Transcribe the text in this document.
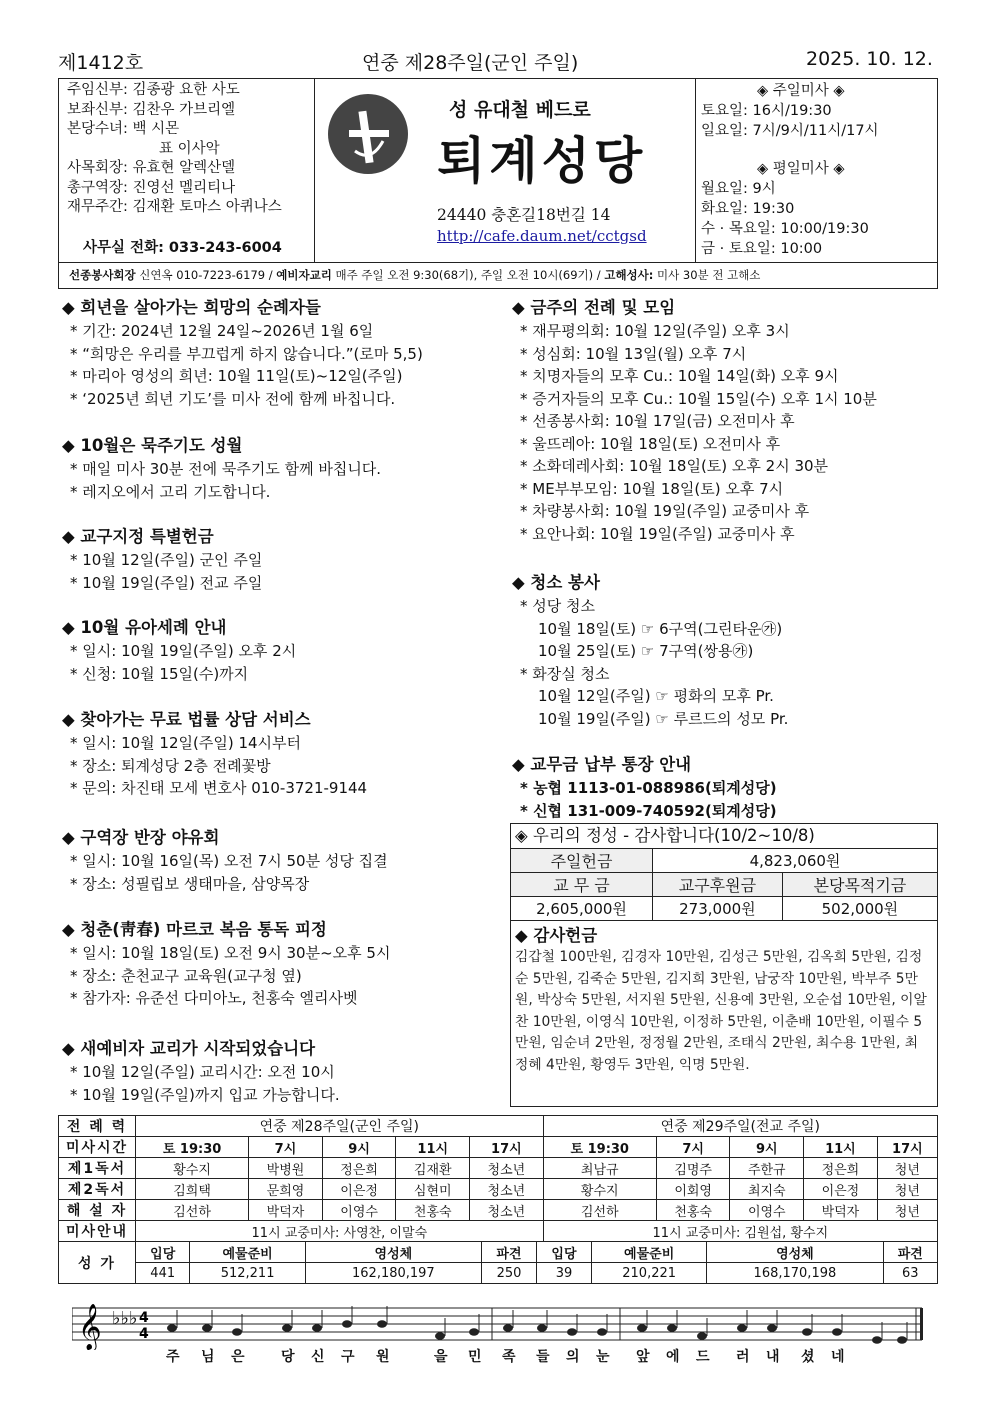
제1412호	연중 제28주일(군인 주일)	2025. 10. 12.
주임신부: 김종광 요한 사도
보좌신부: 김찬우 가브리엘
본당수녀: 백 시몬
표 이사악
사목회장: 유효현 알렉산델
총구역장: 진영선 멜리티나
재무주간: 김재환 토마스 아퀴나스
사무실 전화: 033-243-6004
성 유대철 베드로
퇴계성당
24440 충혼길18번길 14
http://cafe.daum.net/cctgsd
◈ 주일미사 ◈
토요일: 16시/19:30
일요일: 7시/9시/11시/17시
◈ 평일미사 ◈
월요일: 9시
화요일: 19:30
수 · 목요일: 10:00/19:30
금 · 토요일: 10:00
선종봉사회장 신연옥 010-7223-6179 / 예비자교리 매주 주일 오전 9:30(68기), 주일 오전 10시(69기) / 고해성사: 미사 30분 전 고해소
◆ 희년을 살아가는 희망의 순례자들
* 기간: 2024년 12월 24일~2026년 1월 6일
* “희망은 우리를 부끄럽게 하지 않습니다.”(로마 5,5)
* 마리아 영성의 희년: 10월 11일(토)~12일(주일)
* ‘2025년 희년 기도’를 미사 전에 함께 바칩니다.
◆ 10월은 묵주기도 성월
* 매일 미사 30분 전에 묵주기도 함께 바칩니다.
* 레지오에서 고리 기도합니다.
◆ 교구지정 특별헌금
* 10월 12일(주일) 군인 주일
* 10월 19일(주일) 전교 주일
◆ 10월 유아세례 안내
* 일시: 10월 19일(주일) 오후 2시
* 신청: 10월 15일(수)까지
◆ 찾아가는 무료 법률 상담 서비스
* 일시: 10월 12일(주일) 14시부터
* 장소: 퇴계성당 2층 전례꽃방
* 문의: 차진태 모세 변호사 010-3721-9144
◆ 구역장 반장 야유회
* 일시: 10월 16일(목) 오전 7시 50분 성당 집결
* 장소: 성필립보 생태마을, 삼양목장
◆ 청춘(靑春) 마르코 복음 통독 피정
* 일시: 10월 18일(토) 오전 9시 30분~오후 5시
* 장소: 춘천교구 교육원(교구청 옆)
* 참가자: 유준선 다미아노, 천홍숙 엘리사벳
◆ 새예비자 교리가 시작되었습니다
* 10월 12일(주일) 교리시간: 오전 10시
* 10월 19일(주일)까지 입교 가능합니다.
◆ 금주의 전례 및 모임
* 재무평의회: 10월 12일(주일) 오후 3시
* 성심회: 10월 13일(월) 오후 7시
* 치명자들의 모후 Cu.: 10월 14일(화) 오후 9시
* 증거자들의 모후 Cu.: 10월 15일(수) 오후 1시 10분
* 선종봉사회: 10월 17일(금) 오전미사 후
* 울뜨레아: 10월 18일(토) 오전미사 후
* 소화데레사회: 10월 18일(토) 오후 2시 30분
* ME부부모임: 10월 18일(토) 오후 7시
* 차량봉사회: 10월 19일(주일) 교중미사 후
* 요안나회: 10월 19일(주일) 교중미사 후
◆ 청소 봉사
* 성당 청소
10월 18일(토) ☞ 6구역(그린타운㉮)
10월 25일(토) ☞ 7구역(쌍용㉮)
* 화장실 청소
10월 12일(주일) ☞ 평화의 모후 Pr.
10월 19일(주일) ☞ 루르드의 성모 Pr.
◆ 교무금 납부 통장 안내
* 농협 1113-01-088986(퇴계성당)
* 신협 131-009-740592(퇴계성당)
◈ 우리의 정성 - 감사합니다(10/2~10/8)
주일헌금	4,823,060원	
교 무 금	교구후원금	본당목적기금
2,605,000원	273,000원	502,000원
◆ 감사헌금
김갑철 100만원, 김경자 10만원, 김성근 5만원, 김옥희 5만원, 김정순 5만원, 김죽순 5만원, 김지희 3만원, 남궁작 10만원, 박부주 5만원, 박상숙 5만원, 서지원 5만원, 신용예 3만원, 오순섭 10만원, 이알찬 10만원, 이영식 10만원, 이정하 5만원, 이춘배 10만원, 이필수 5만원, 임순녀 2만원, 정정월 2만원, 조태식 2만원, 최수용 1만원, 최정혜 4만원, 황영두 3만원, 익명 5만원.
전 례 력	연중 제28주일(군인 주일)	연중 제29주일(전교 주일)
미사시간	토 19:30	7시	9시	11시	17시	토 19:30	7시	9시	11시	17시
제1독서	황수지	박병원	정은희	김재환	청소년	최남규	김명주	주한규	정은희	청년
제2독서	김희택	문희영	이은정	심현미	청소년	황수지	이회영	최지숙	이은정	청년
해 설 자	김선하	박덕자	이영수	천홍숙	청소년	김선하	천홍숙	이영수	박덕자	청년
미사안내	11시 교중미사: 사영찬, 이말숙	11시 교중미사: 김원섭, 황수지
성 가	
입당	예물준비	영성체	파견	입당	예물준비	영성체	파견
441	512,211	162,180,197	250	39	210,221	168,170,198	63
𝄞 ♭♭♭ 4
4
주 님 은	당 신 구 원	을 민 족 들 의 눈 앞 에 드 러 내 셨 네
